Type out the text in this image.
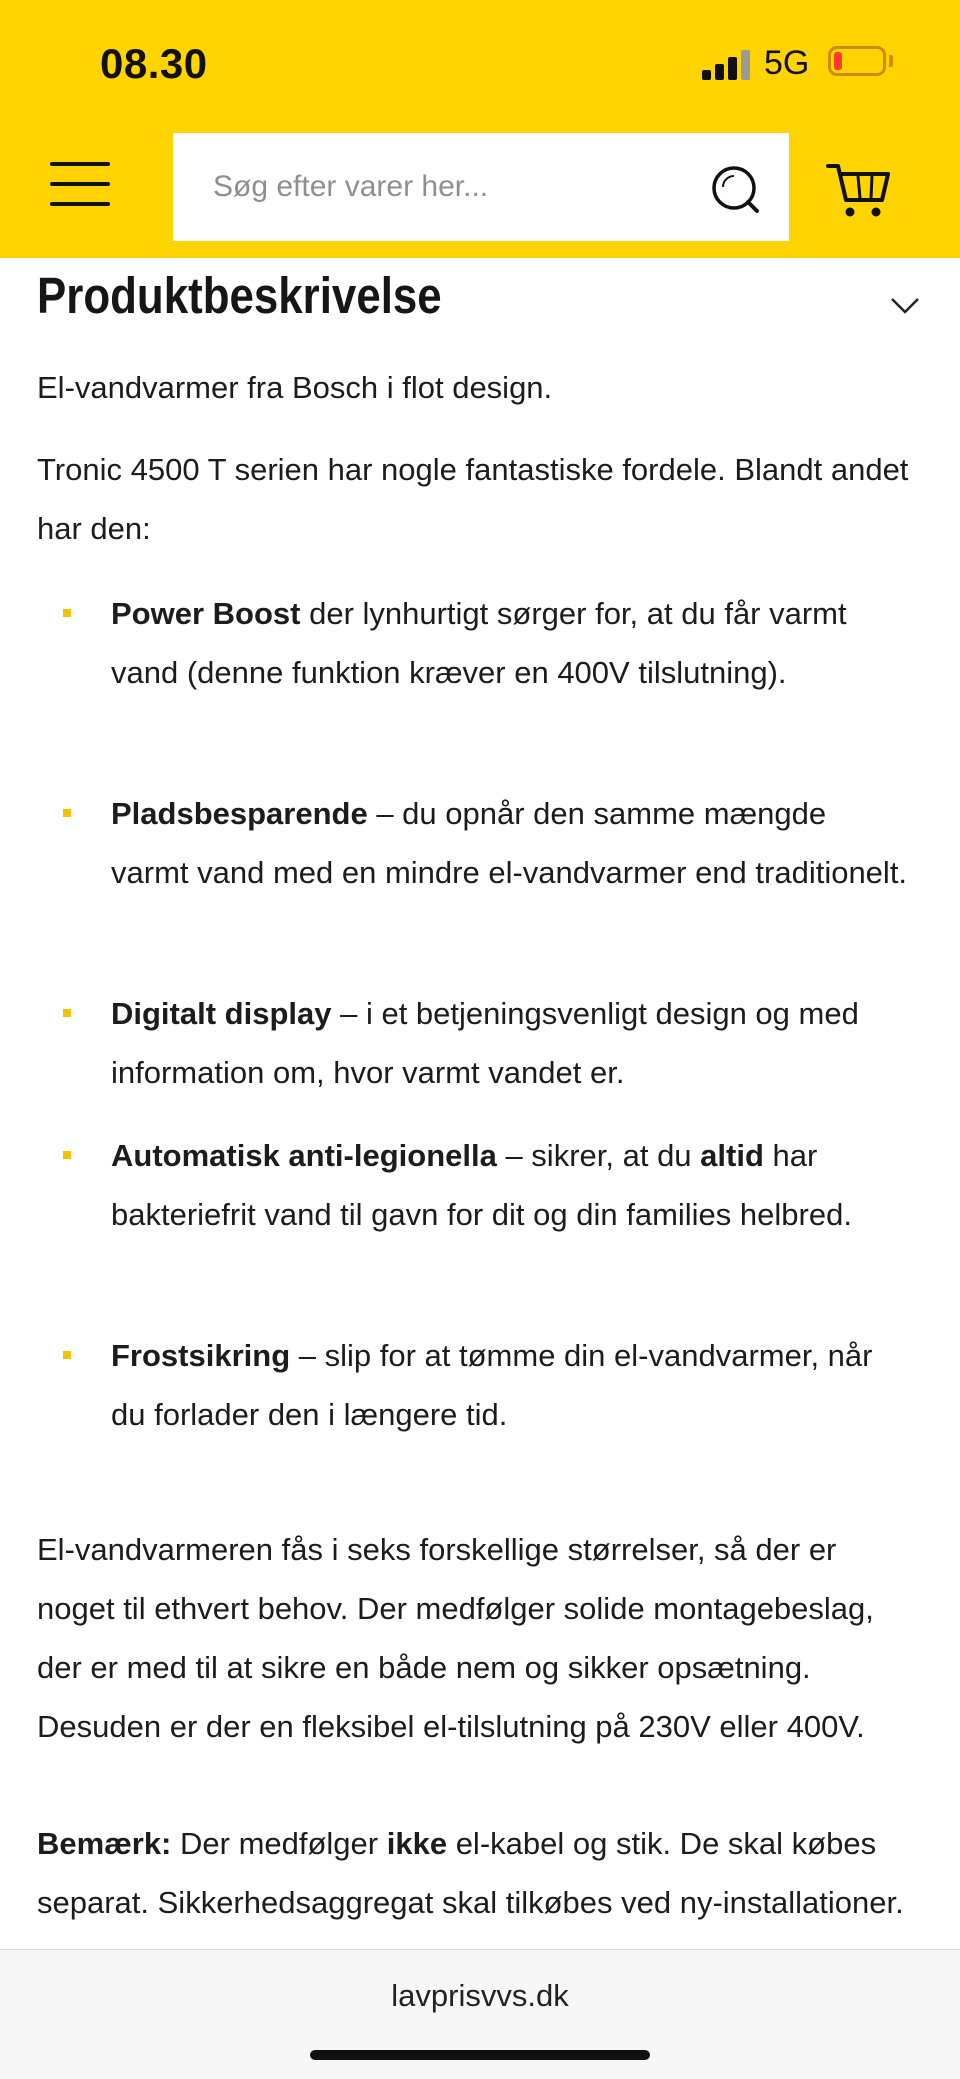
08.30	5G
Søg efter varer her...
Produktbeskrivelse

El-vandvarmer fra Bosch i flot design.

Tronic 4500 T serien har nogle fantastiske fordele. Blandt andet har den:

Power Boost der lynhurtigt sørger for, at du får varmt vand (denne funktion kræver en 400V tilslutning).
Pladsbesparende – du opnår den samme mængde varmt vand med en mindre el-vandvarmer end traditionelt.
Digitalt display – i et betjeningsvenligt design og med information om, hvor varmt vandet er.
Automatisk anti-legionella – sikrer, at du altid har bakteriefrit vand til gavn for dit og din families helbred.
Frostsikring – slip for at tømme din el-vandvarmer, når du forlader den i længere tid.

El-vandvarmeren fås i seks forskellige størrelser, så der er noget til ethvert behov. Der medfølger solide montagebeslag, der er med til at sikre en både nem og sikker opsætning. Desuden er der en fleksibel el-tilslutning på 230V eller 400V.

Bemærk: Der medfølger ikke el-kabel og stik. De skal købes separat. Sikkerhedsaggregat skal tilkøbes ved ny-installationer.

lavprisvvs.dk
